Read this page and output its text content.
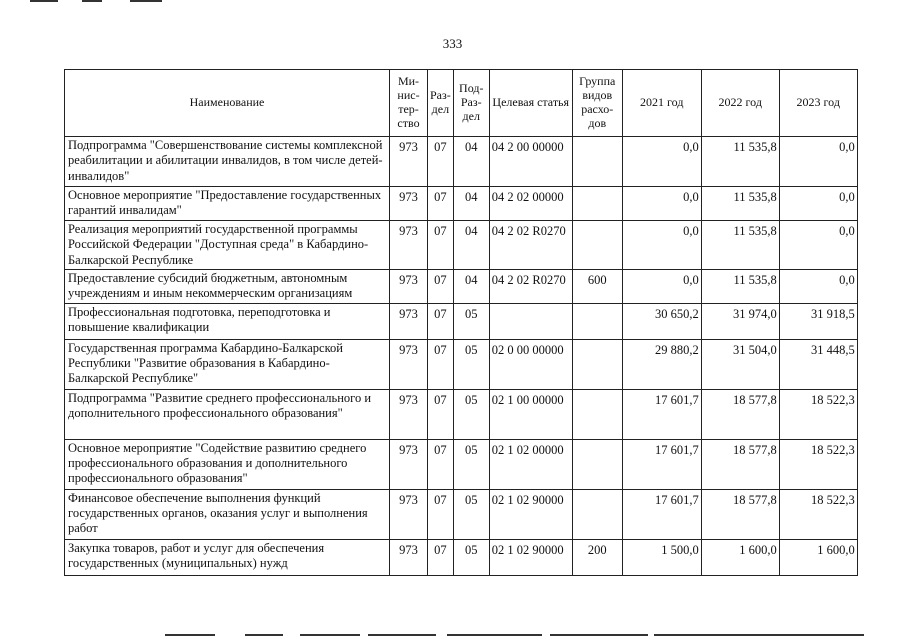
333
Наименование	Ми-нис-тер-ство	Раз-дел	Под-Раз-дел	Целевая статья	Группа видов расхо-дов	2021 год	2022 год	2023 год
Подпрограмма "Совершенствование системы комплексной реабилитации и абилитации инвалидов, в том числе детей-инвалидов"	973	07	04	04 2 00 00000		0,0	11 535,8	0,0
Основное мероприятие "Предоставление государственных гарантий инвалидам"	973	07	04	04 2 02 00000		0,0	11 535,8	0,0
Реализация мероприятий государственной программы Российской Федерации "Доступная среда" в Кабардино-Балкарской Республике	973	07	04	04 2 02 R0270		0,0	11 535,8	0,0
Предоставление субсидий бюджетным, автономным учреждениям и иным некоммерческим организациям	973	07	04	04 2 02 R0270	600	0,0	11 535,8	0,0
Профессиональная подготовка, переподготовка и повышение квалификации	973	07	05			30 650,2	31 974,0	31 918,5
Государственная программа Кабардино-Балкарской Республики "Развитие образования в Кабардино-Балкарской Республике"	973	07	05	02 0 00 00000		29 880,2	31 504,0	31 448,5
Подпрограмма "Развитие среднего профессионального и дополнительного профессионального образования"	973	07	05	02 1 00 00000		17 601,7	18 577,8	18 522,3
Основное мероприятие "Содействие развитию среднего профессионального образования и дополнительного профессионального образования"	973	07	05	02 1 02 00000		17 601,7	18 577,8	18 522,3
Финансовое обеспечение выполнения функций государственных органов, оказания услуг и выполнения работ	973	07	05	02 1 02 90000		17 601,7	18 577,8	18 522,3
Закупка товаров, работ и услуг для обеспечения государственных (муниципальных) нужд	973	07	05	02 1 02 90000	200	1 500,0	1 600,0	1 600,0
